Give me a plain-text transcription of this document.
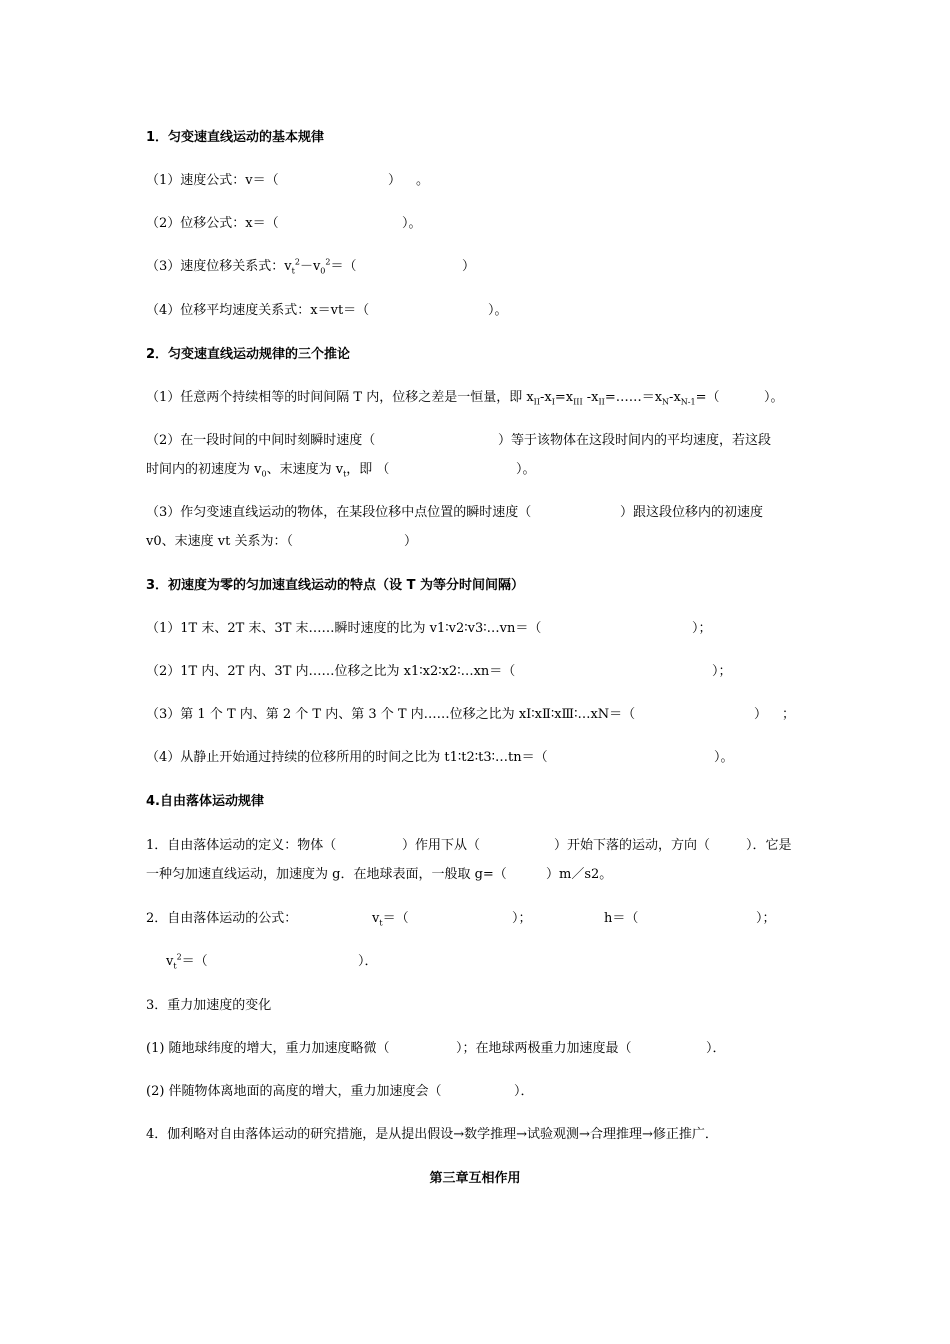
1．匀变速直线运动的基本规律
（1）速度公式：v＝（	） 。
（2）位移公式：x＝（	）。
（3）速度位移关系式：$v_t^2-v_0^2=$（	）
（4）位移平均速度关系式：x＝vt＝（	）。
2．匀变速直线运动规律的三个推论
（1）任意两个持续相等的时间间隔 T 内，位移之差是一恒量，即 $x_{II}-x_I=x_{III}$ $-x_{II}=\dots\dots=x_N-x_{N-1}=$（	）。
（2）在一段时间的中间时刻瞬时速度（	）等于该物体在这段时间内的平均速度，若这段
时间内的初速度为 $v_0$、末速度为 $v_t$，即 （	）。
（3）作匀变速直线运动的物体，在某段位移中点位置的瞬时速度（	）跟这段位移内的初速度
v0、末速度 vt 关系为：（	）
3．初速度为零的匀加速直线运动的特点（设 T 为等分时间间隔）
（1）1T 末、2T 末、3T 末……瞬时速度的比为 v1∶v2∶v3∶…vn＝（	）；
（2）1T 内、2T 内、3T 内……位移之比为 x1∶x2∶x2∶…xn＝（	）；
（3）第 1 个 T 内、第 2 个 T 内、第 3 个 T 内……位移之比为 xⅠ∶xⅡ∶xⅢ∶…xN＝（	） ；
（4）从静止开始通过持续的位移所用的时间之比为 t1∶t2∶t3∶…tn＝（	）。
4.自由落体运动规律
1．自由落体运动的定义：物体（	）作用下从（	）开始下落的运动，方向（	）．它是
一种匀加速直线运动，加速度为 g．在地球表面，一般取 g=（	）m／s2。
2．自由落体运动的公式：	$v_t=$（	）；	h＝（	）；
$v_t^2=$（	）．
3．重力加速度的变化
(1) 随地球纬度的增大，重力加速度略微（	）；在地球两极重力加速度最（	）．
(2) 伴随物体离地面的高度的增大，重力加速度会（	）．
4．伽利略对自由落体运动的研究措施，是从提出假设→数学推理→试验观测→合理推理→修正推广．
第三章互相作用
